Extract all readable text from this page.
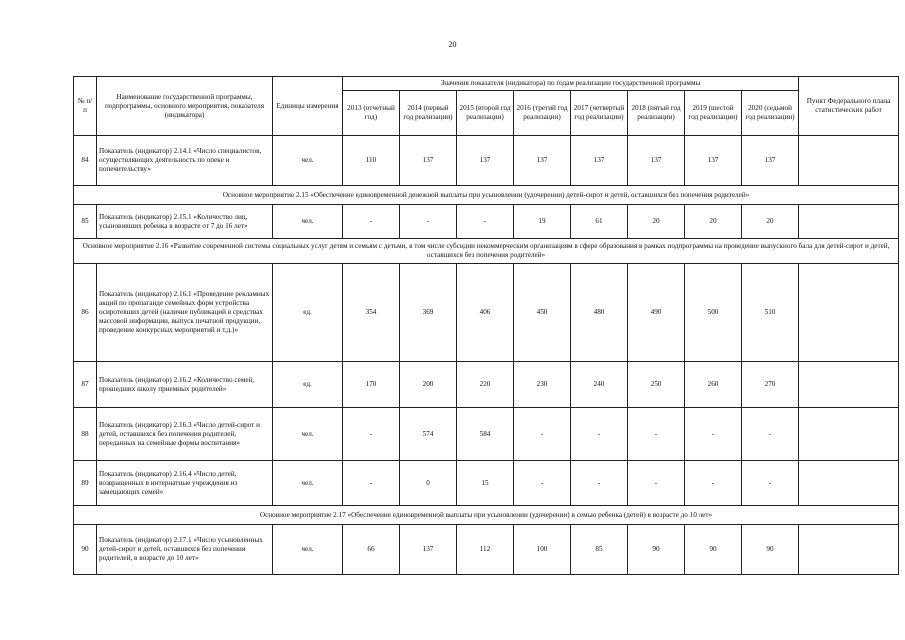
20
№ п/п	Наименование государственной программы, подпрограммы, основного мероприятия, показателя (индикатора)	Единицы измерения	Значения показателя (индикатора) по годам реализации государственной программы								Пункт Федерального плана статистических работ
			2013 (отчетный год)	2014 (первый год реализации)	2015 (второй год реализации)	2016 (третий год реализации)	2017 (четвертый год реализации)	2018 (пятый год реализации)	2019 (шестой год реализации)	2020 (седьмой год реализации)	
84	Показатель (индикатор) 2.14.1 «Число специалистов, осуществляющих деятельность по опеке и попечительству»	чел.	110	137	137	137	137	137	137	137	
Основное мероприятие 2.15 «Обеспечение единовременной денежной выплаты при усыновлении (удочерении) детей-сирот и детей, оставшихся без попечения родителей»											
85	Показатель (индикатор) 2.15.1 «Количество лиц, усыновивших ребенка в возрасте от 7 до 16 лет»	чел.	-	-	-	19	61	20	20	20	
Основное мероприятие 2.16 «Развитие современной системы социальных услуг детям и семьям с детьми, в том числе субсидии некоммерческим организациям в сфере образования в рамках подпрограммы на проведение выпускного бала для детей-сирот и детей, оставшихся без попечения родителей»											
86	Показатель (индикатор) 2.16.1 «Проведение рекламных акций по пропаганде семейных форм устройства осиротевших детей (наличие публикаций в средствах массовой информации, выпуск печатной продукции, проведение конкурсных мероприятий и т.д.)»	ед.	354	369	406	450	480	490	500	510	
87	Показатель (индикатор) 2.16.2 «Количество семей, прошедших школу приемных родителей»	ед.	170	200	220	230	240	250	260	270	
88	Показатель (индикатор) 2.16.3 «Число детей-сирот и детей, оставшихся без попечения родителей, переданных на семейные формы воспитания»	чел.	-	574	584	-	-	-	-	-	
89	Показатель (индикатор) 2.16.4 «Число детей, возвращенных в интернатные учреждения из замещающих семей»	чел.	-	0	15	-	-	-	-	-	
Основное мероприятие 2.17 «Обеспечение единовременной выплаты при усыновлении (удочерении) в семью ребенка (детей) в возрасте до 10 лет»											
90	Показатель (индикатор) 2.17.1 «Число усыновленных детей-сирот и детей, оставшихся без попечения родителей, в возрасте до 10 лет»	чел.	66	137	112	100	85	90	90	90	
